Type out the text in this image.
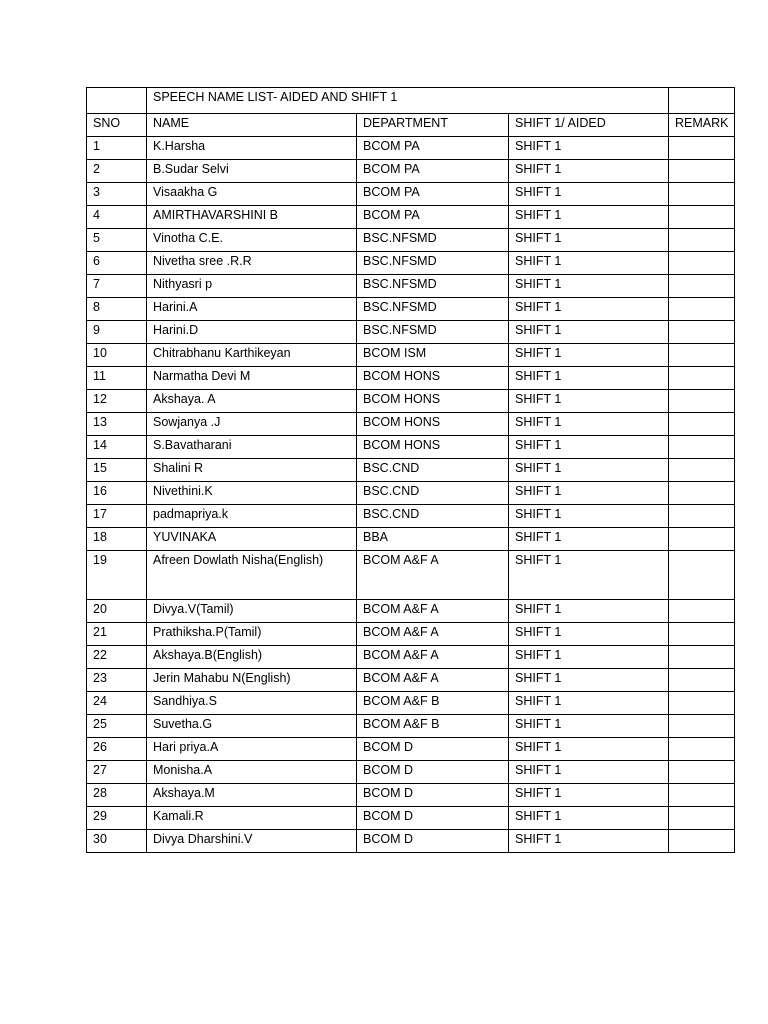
	SPEECH NAME LIST- AIDED AND SHIFT 1			
SNO	NAME	DEPARTMENT	SHIFT 1/ AIDED	REMARK
1	K.Harsha	BCOM PA	SHIFT 1	
2	B.Sudar Selvi	BCOM PA	SHIFT 1	
3	Visaakha G	BCOM PA	SHIFT 1	
4	AMIRTHAVARSHINI B	BCOM PA	SHIFT 1	
5	Vinotha C.E.	BSC.NFSMD	SHIFT 1	
6	Nivetha sree .R.R	BSC.NFSMD	SHIFT 1	
7	Nithyasri p	BSC.NFSMD	SHIFT 1	
8	Harini.A	BSC.NFSMD	SHIFT 1	
9	Harini.D	BSC.NFSMD	SHIFT 1	
10	Chitrabhanu Karthikeyan	BCOM ISM	SHIFT 1	
11	Narmatha Devi M	BCOM HONS	SHIFT 1	
12	Akshaya. A	BCOM HONS	SHIFT 1	
13	Sowjanya .J	BCOM HONS	SHIFT 1	
14	S.Bavatharani	BCOM HONS	SHIFT 1	
15	Shalini R	BSC.CND	SHIFT 1	
16	Nivethini.K	BSC.CND	SHIFT 1	
17	padmapriya.k	BSC.CND	SHIFT 1	
18	YUVINAKA	BBA	SHIFT 1	
19	Afreen Dowlath Nisha(English)	BCOM A&F A	SHIFT 1	
20	Divya.V(Tamil)	BCOM A&F A	SHIFT 1	
21	Prathiksha.P(Tamil)	BCOM A&F A	SHIFT 1	
22	Akshaya.B(English)	BCOM A&F A	SHIFT 1	
23	Jerin Mahabu N(English)	BCOM A&F A	SHIFT 1	
24	Sandhiya.S	BCOM A&F B	SHIFT 1	
25	Suvetha.G	BCOM A&F B	SHIFT 1	
26	Hari priya.A	BCOM D	SHIFT 1	
27	Monisha.A	BCOM D	SHIFT 1	
28	Akshaya.M	BCOM D	SHIFT 1	
29	Kamali.R	BCOM D	SHIFT 1	
30	Divya Dharshini.V	BCOM D	SHIFT 1	
